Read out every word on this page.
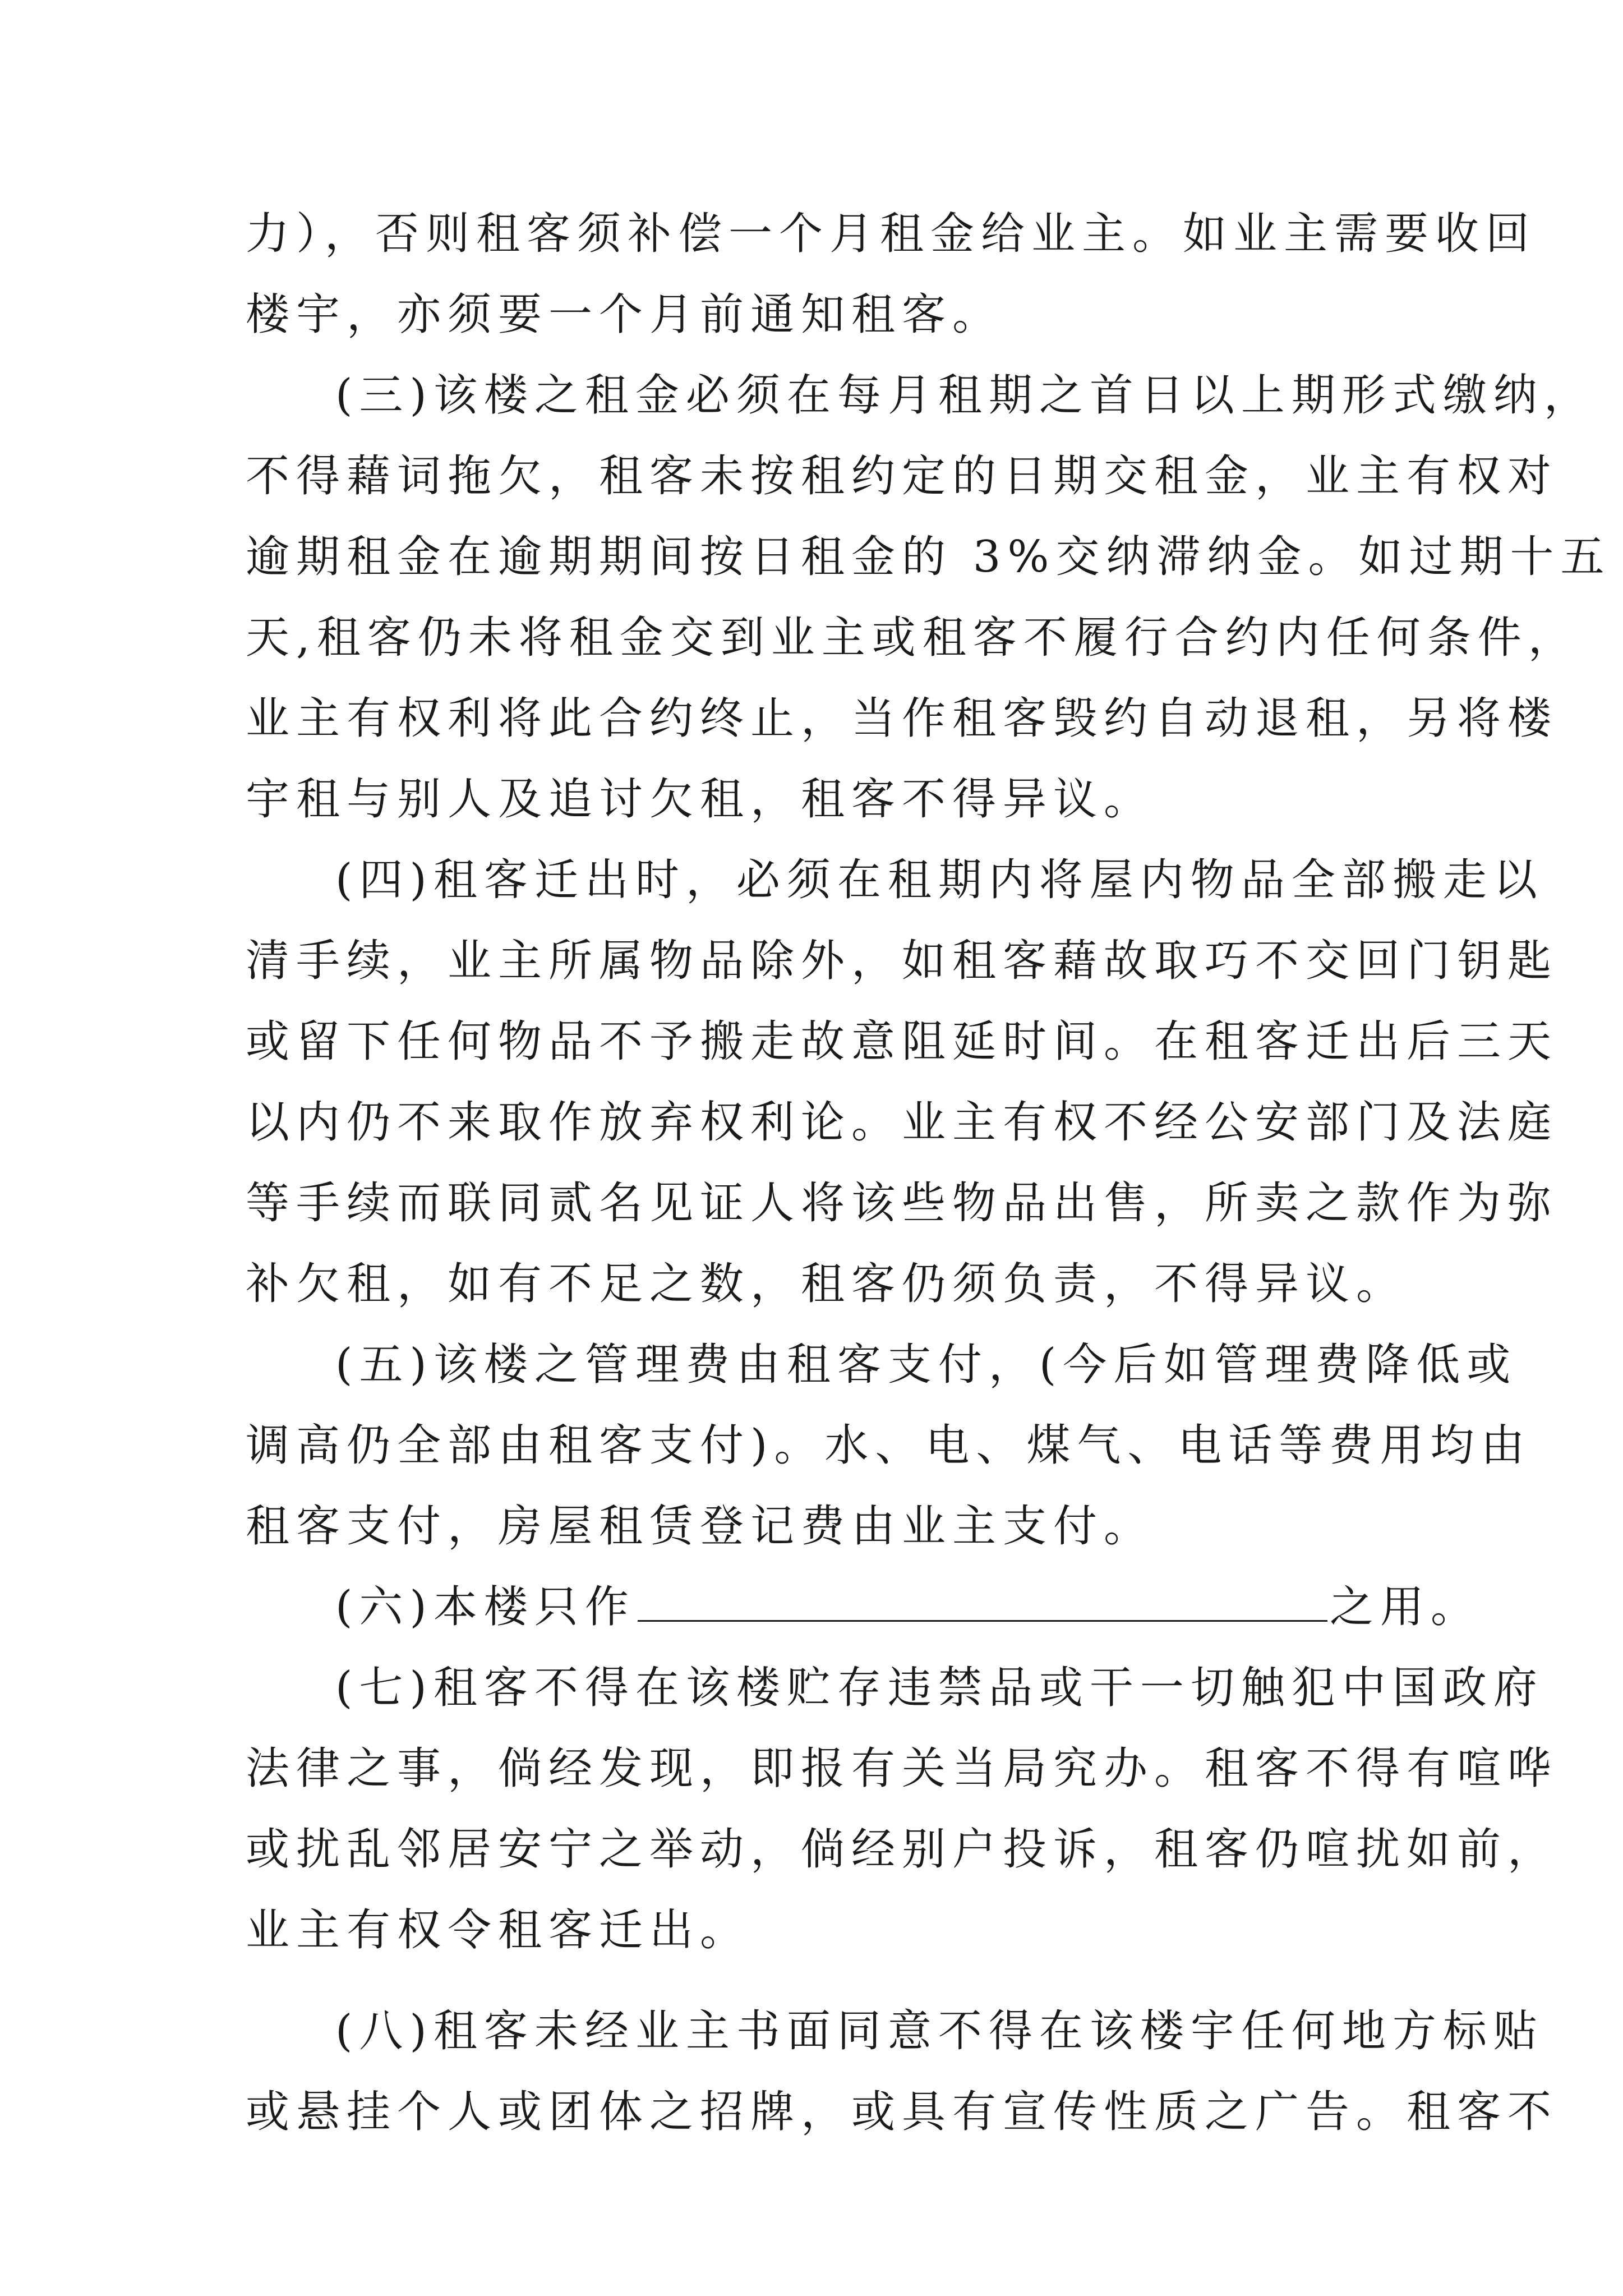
力），否则租客须补偿一个月租金给业主。如业主需要收回
楼宇，亦须要一个月前通知租客。

(三)该楼之租金必须在每月租期之首日以上期形式缴纳，
不得藉词拖欠，租客未按租约定的日期交租金，业主有权对
逾期租金在逾期期间按日租金的 3%交纳滞纳金。如过期十五
天,租客仍未将租金交到业主或租客不履行合约内任何条件，
业主有权利将此合约终止，当作租客毁约自动退租，另将楼
宇租与别人及追讨欠租，租客不得异议。

(四)租客迁出时，必须在租期内将屋内物品全部搬走以
清手续，业主所属物品除外，如租客藉故取巧不交回门钥匙
或留下任何物品不予搬走故意阻延时间。在租客迁出后三天
以内仍不来取作放弃权利论。业主有权不经公安部门及法庭
等手续而联同贰名见证人将该些物品出售，所卖之款作为弥
补欠租，如有不足之数，租客仍须负责，不得异议。

(五)该楼之管理费由租客支付，(今后如管理费降低或
调高仍全部由租客支付)。水、电、煤气、电话等费用均由
租客支付，房屋租赁登记费由业主支付。

(六)本楼只作	之用。

(七)租客不得在该楼贮存违禁品或干一切触犯中国政府
法律之事，倘经发现，即报有关当局究办。租客不得有喧哗
或扰乱邻居安宁之举动，倘经别户投诉，租客仍喧扰如前，
业主有权令租客迁出。

(八)租客未经业主书面同意不得在该楼宇任何地方标贴
或悬挂个人或团体之招牌，或具有宣传性质之广告。租客不
